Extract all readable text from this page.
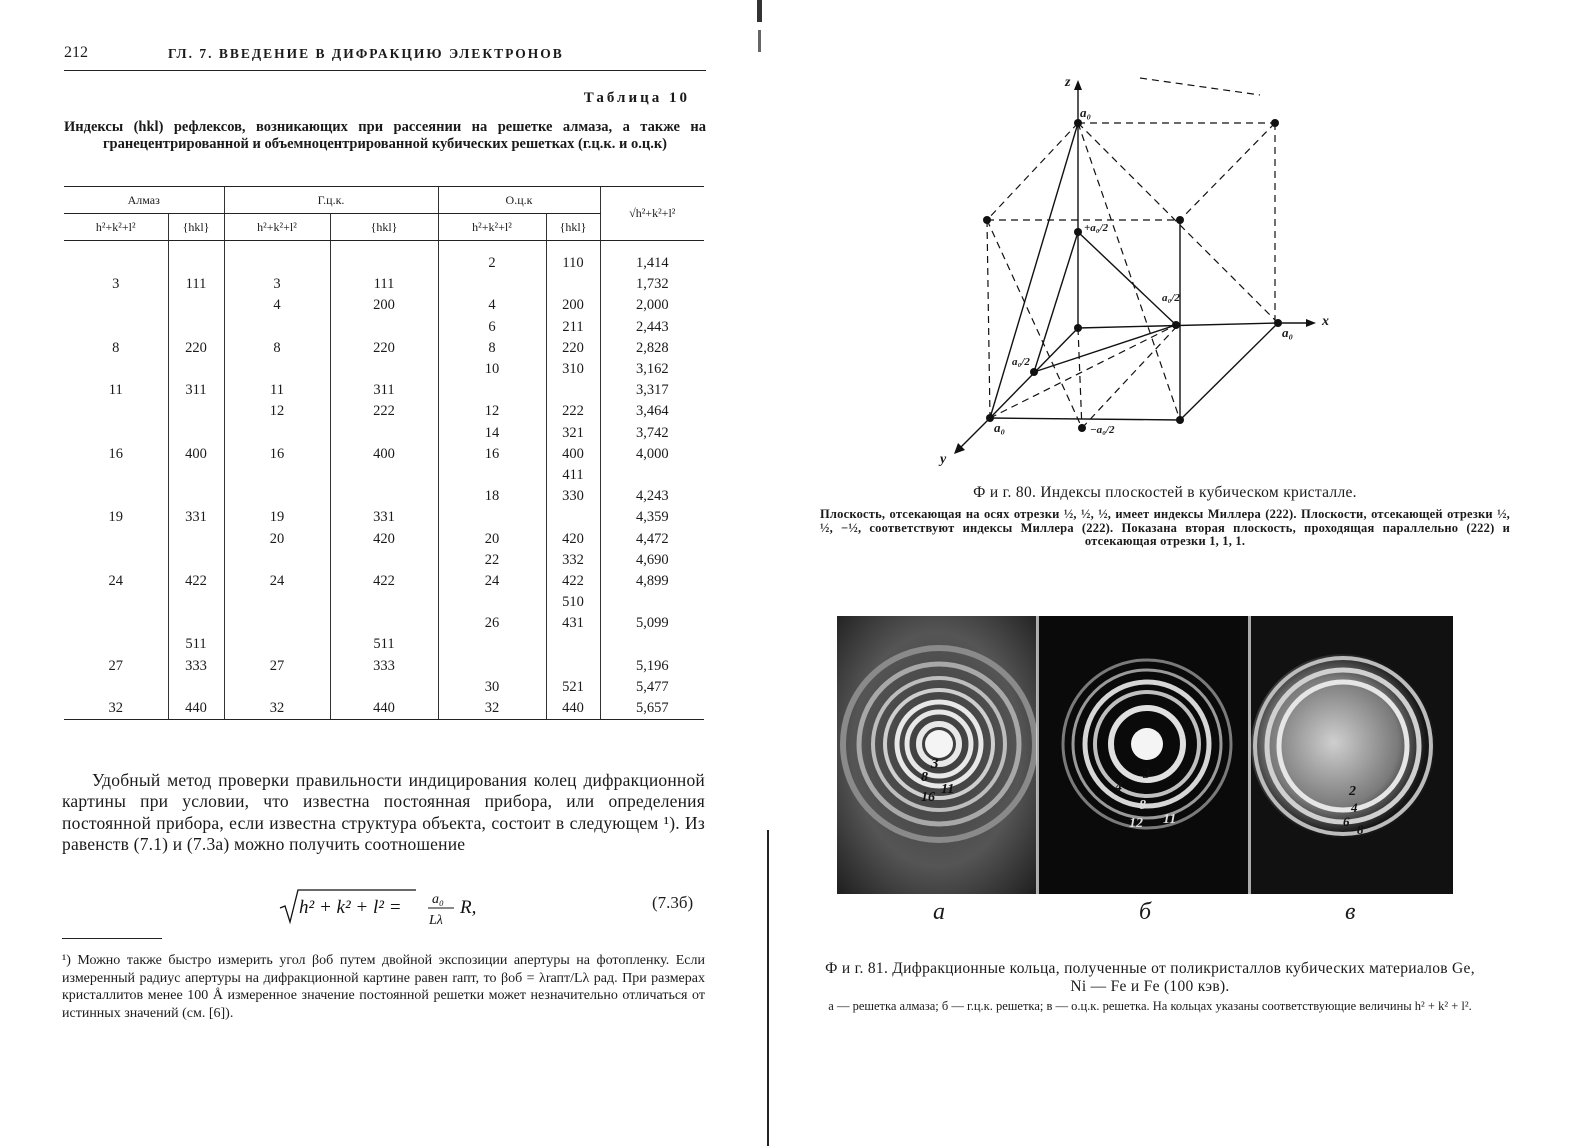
212	ГЛ. 7. ВВЕДЕНИЕ В ДИФРАКЦИЮ ЭЛЕКТРОНОВ
Таблица 10
Индексы (hkl) рефлексов, возникающих при рассеянии на решетке алмаза, а также на гранецентрированной и объемноцентрированной кубических решетках (г.ц.к. и о.ц.к)
Алмаз		Г.ц.к.		О.ц.к		√h²+k²+l²
h²+k²+l²	{hkl}	h²+k²+l²	{hkl}	h²+k²+l²	{hkl}	

				2	110	1,414
3	111	3	111			1,732
		4	200	4	200	2,000
				6	211	2,443
8	220	8	220	8	220	2,828
				10	310	3,162
11	311	11	311			3,317
		12	222	12	222	3,464
				14	321	3,742
16	400	16	400	16	400	4,000
					411	
				18	330	4,243
19	331	19	331			4,359
		20	420	20	420	4,472
				22	332	4,690
24	422	24	422	24	422	4,899
					510	
				26	431	5,099
	511		511			
27	333	27	333			5,196
				30	521	5,477
32	440	32	440	32	440	5,657
Удобный метод проверки правильности индицирования колец дифракционной картины при условии, что известна постоянная прибора, или определения постоянной прибора, если известна структура объекта, состоит в следующем ¹). Из равенств (7.1) и (7.3а) можно получить соотношение
h² + k² + l² = a₀
Lλ
R,	(7.3б)
¹) Можно также быстро измерить угол βоб путем двойной экспозиции апертуры на фотопленку. Если измеренный радиус апертуры на дифракционной картине равен rапт, то βоб = λrапт/Lλ рад. При размерах кристаллитов менее 100 Å измеренное значение постоянной решетки может незначительно отличаться от истинных значений (см. [6]).
z
x
y
a₀
a₀
a₀
+a₀/2
a₀/2
a₀/2
−a₀/2
Ф и г. 80. Индексы плоскостей в кубическом кристалле.
Плоскость, отсекающая на осях отрезки ½, ½, ½, имеет индексы Миллера (222). Плоскости, отсекающей отрезки ½, ½, −½, соответствуют индексы Миллера (222). Показана вторая плоскость, проходящая параллельно (222) и отсекающая отрезки 1, 1, 1.
3
8
11
16
3
4
8
12 11
2
4
6
8
а	б	в
Ф и г. 81. Дифракционные кольца, полученные от поликристаллов кубических материалов Ge, Ni — Fe и Fe (100 кэв).
а — решетка алмаза; б — г.ц.к. решетка; в — о.ц.к. решетка. На кольцах указаны соответствующие величины h² + k² + l².
